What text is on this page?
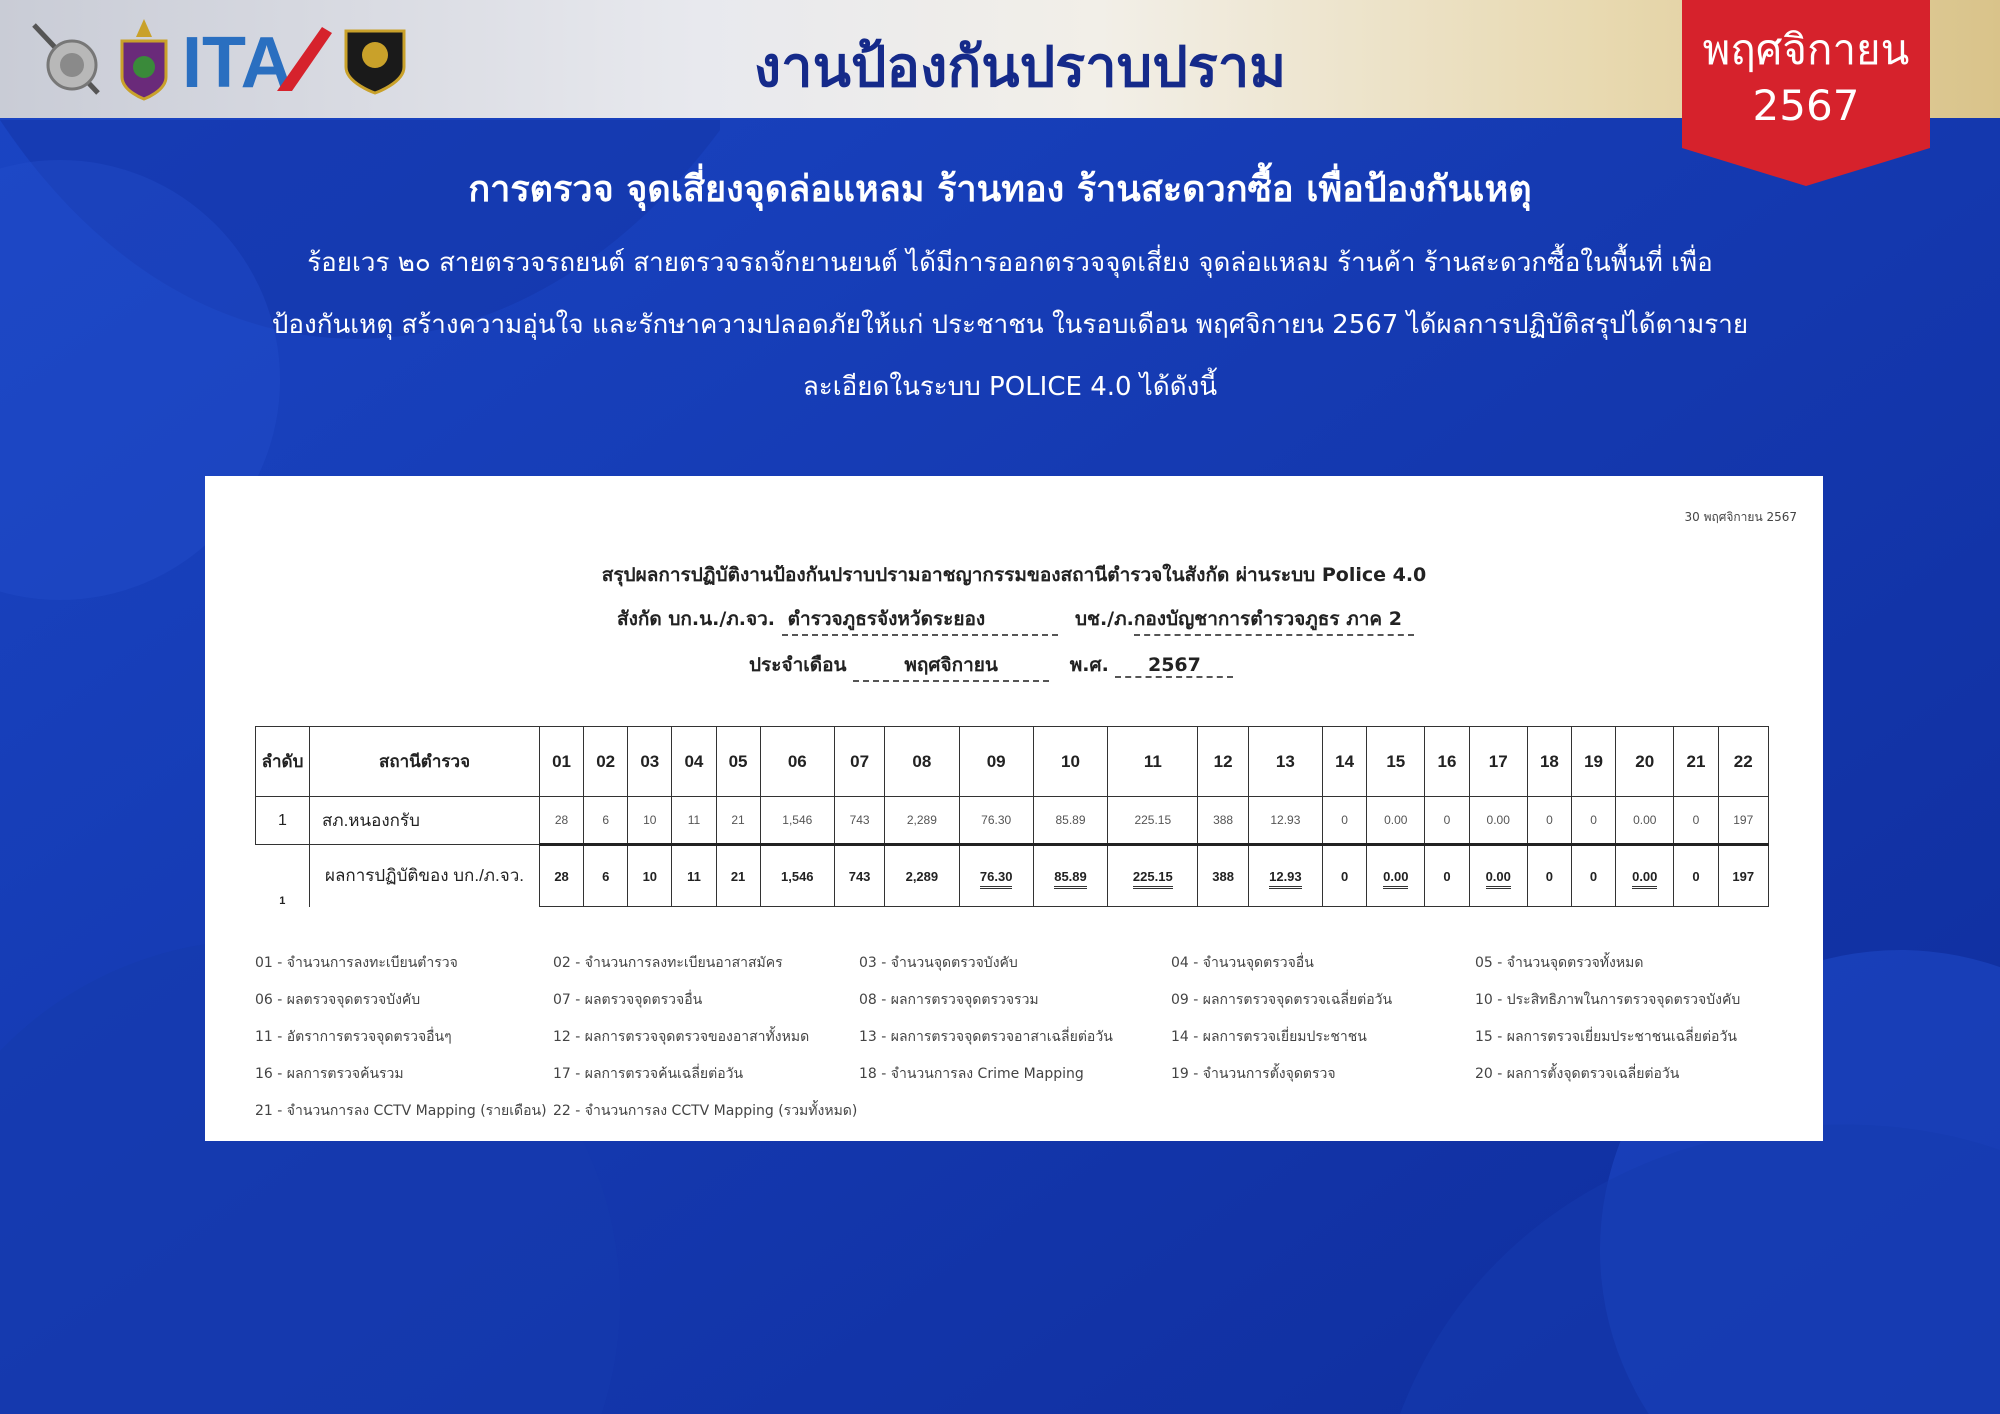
ITA	งานป้องกันปราบปราม	พฤศจิกายน
2567
การตรวจ จุดเสี่ยงจุดล่อแหลม ร้านทอง ร้านสะดวกซื้อ เพื่อป้องกันเหตุ
ร้อยเวร ๒๐ สายตรวจรถยนต์ สายตรวจรถจักยานยนต์ ได้มีการออกตรวจจุดเสี่ยง จุดล่อแหลม ร้านค้า ร้านสะดวกซื้อในพื้นที่ เพื่อ
ป้องกันเหตุ สร้างความอุ่นใจ และรักษาความปลอดภัยให้แก่ ประชาชน ในรอบเดือน พฤศจิกายน 2567 ได้ผลการปฏิบัติสรุปได้ตามราย
ละเอียดในระบบ POLICE 4.0 ได้ดังนี้
30 พฤศจิกายน 2567
สรุปผลการปฏิบัติงานป้องกันปราบปรามอาชญากรรมของสถานีตำรวจในสังกัด ผ่านระบบ Police 4.0
สังกัด บก.น./ภ.จว. ตำรวจภูธรจังหวัดระยอง	บช./ภ.กองบัญชาการตำรวจภูธร ภาค 2
ประจำเดือน	พฤศจิกายน	พ.ศ. 2567
ลำดับ	สถานีตำรวจ	01	02	03	04	05	06	07	08	09	10	11	12	13	14	15	16	17	18	19	20	21	22
1	สภ.หนองกรับ	28	6	10	11	21	1,546	743	2,289	76.30	85.89	225.15	388	12.93	0	0.00	0	0.00	0	0	0.00	0	197
1	ผลการปฏิบัติของ บก./ภ.จว.	28	6	10	11	21	1,546	743	2,289	76.30	85.89	225.15	388	12.93	0	0.00	0	0.00	0	0	0.00	0	197
01 - จำนวนการลงทะเบียนตำรวจ	02 - จำนวนการลงทะเบียนอาสาสมัคร	03 - จำนวนจุดตรวจบังคับ	04 - จำนวนจุดตรวจอื่น	05 - จำนวนจุดตรวจทั้งหมด
06 - ผลตรวจจุดตรวจบังคับ	07 - ผลตรวจจุดตรวจอื่น	08 - ผลการตรวจจุดตรวจรวม	09 - ผลการตรวจจุดตรวจเฉลี่ยต่อวัน	10 - ประสิทธิภาพในการตรวจจุดตรวจบังคับ
11 - อัตราการตรวจจุดตรวจอื่นๆ	12 - ผลการตรวจจุดตรวจของอาสาทั้งหมด	13 - ผลการตรวจจุดตรวจอาสาเฉลี่ยต่อวัน	14 - ผลการตรวจเยี่ยมประชาชน	15 - ผลการตรวจเยี่ยมประชาชนเฉลี่ยต่อวัน
16 - ผลการตรวจค้นรวม	17 - ผลการตรวจค้นเฉลี่ยต่อวัน	18 - จำนวนการลง Crime Mapping	19 - จำนวนการตั้งจุดตรวจ	20 - ผลการตั้งจุดตรวจเฉลี่ยต่อวัน
21 - จำนวนการลง CCTV Mapping (รายเดือน) 22 - จำนวนการลง CCTV Mapping (รวมทั้งหมด)
